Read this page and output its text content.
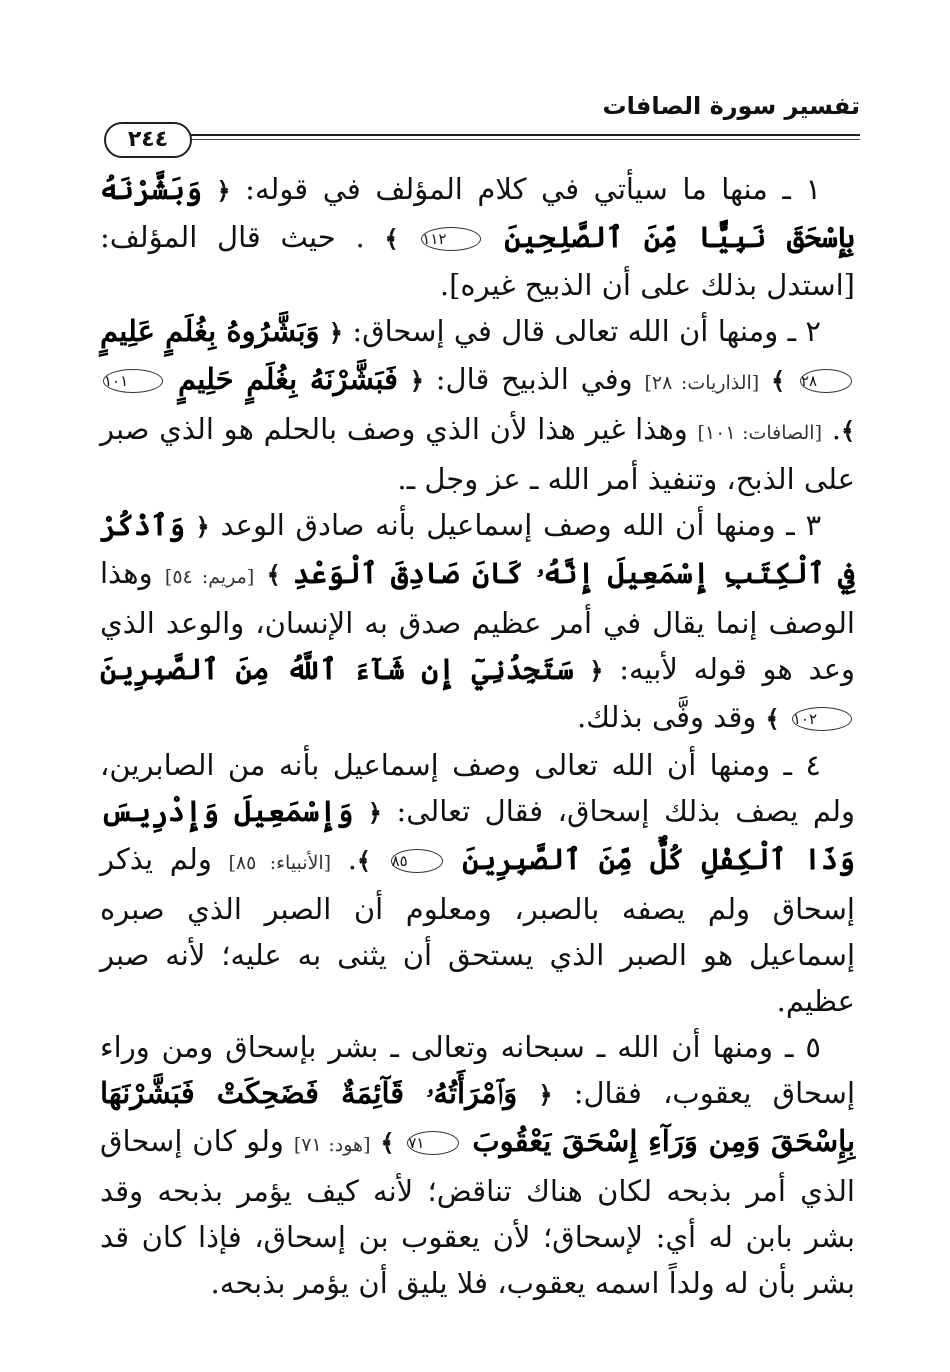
تفسير سورة الصافات
٢٤٤

١ ـ منها ما سيأتي في كلام المؤلف في قوله: ﴿ وَبَشَّرْنَهُ بِإِسْحَقَ نَبِيًّا مِّنَ ٱلصَّلِحِينَ ١١٢ ﴾ . حيث قال المؤلف: [استدل بذلك على أن الذبيح غيره].

٢ ـ ومنها أن الله تعالى قال في إسحاق: ﴿ وَبَشَّرُوهُ بِغُلَمٍ عَلِيمٍ ٢٨ ﴾ [الذاريات: ٢٨] وفي الذبيح قال: ﴿ فَبَشَّرْنَهُ بِغُلَمٍ حَلِيمٍ ١٠١ ﴾. [الصافات: ١٠١] وهذا غير هذا لأن الذي وصف بالحلم هو الذي صبر على الذبح، وتنفيذ أمر الله ـ عز وجل ـ.

٣ ـ ومنها أن الله وصف إسماعيل بأنه صادق الوعد ﴿ وَٱذْكُرْ فِي ٱلْكِتَبِ إِسْمَعِيلَ إِنَّهُۥ كَانَ صَادِقَ ٱلْوَعْدِ ﴾ [مريم: ٥٤] وهذا الوصف إنما يقال في أمر عظيم صدق به الإنسان، والوعد الذي وعد هو قوله لأبيه: ﴿ سَتَجِدُنِيٓ إِن شَآءَ ٱللَّهُ مِنَ ٱلصَّبِرِينَ ١٠٢ ﴾ وقد وفَّى بذلك.

٤ ـ ومنها أن الله تعالى وصف إسماعيل بأنه من الصابرين، ولم يصف بذلك إسحاق، فقال تعالى: ﴿ وَإِسْمَعِيلَ وَإِدْرِيسَ وَذَا ٱلْكِفْلِ كُلٌّ مِّنَ ٱلصَّبِرِينَ ٨٥ ﴾. [الأنبياء: ٨٥] ولم يذكر إسحاق ولم يصفه بالصبر، ومعلوم أن الصبر الذي صبره إسماعيل هو الصبر الذي يستحق أن يثنى به عليه؛ لأنه صبر عظيم.

٥ ـ ومنها أن الله ـ سبحانه وتعالى ـ بشر بإسحاق ومن وراء إسحاق يعقوب، فقال: ﴿ وَٱمْرَأَتُهُۥ قَآئِمَةٌ فَضَحِكَتْ فَبَشَّرْنَهَا بِإِسْحَقَ وَمِن وَرَآءِ إِسْحَقَ يَعْقُوبَ ٧١ ﴾ [هود: ٧١] ولو كان إسحاق الذي أمر بذبحه لكان هناك تناقض؛ لأنه كيف يؤمر بذبحه وقد بشر بابن له أي: لإسحاق؛ لأن يعقوب بن إسحاق، فإذا كان قد بشر بأن له ولداً اسمه يعقوب، فلا يليق أن يؤمر بذبحه.
